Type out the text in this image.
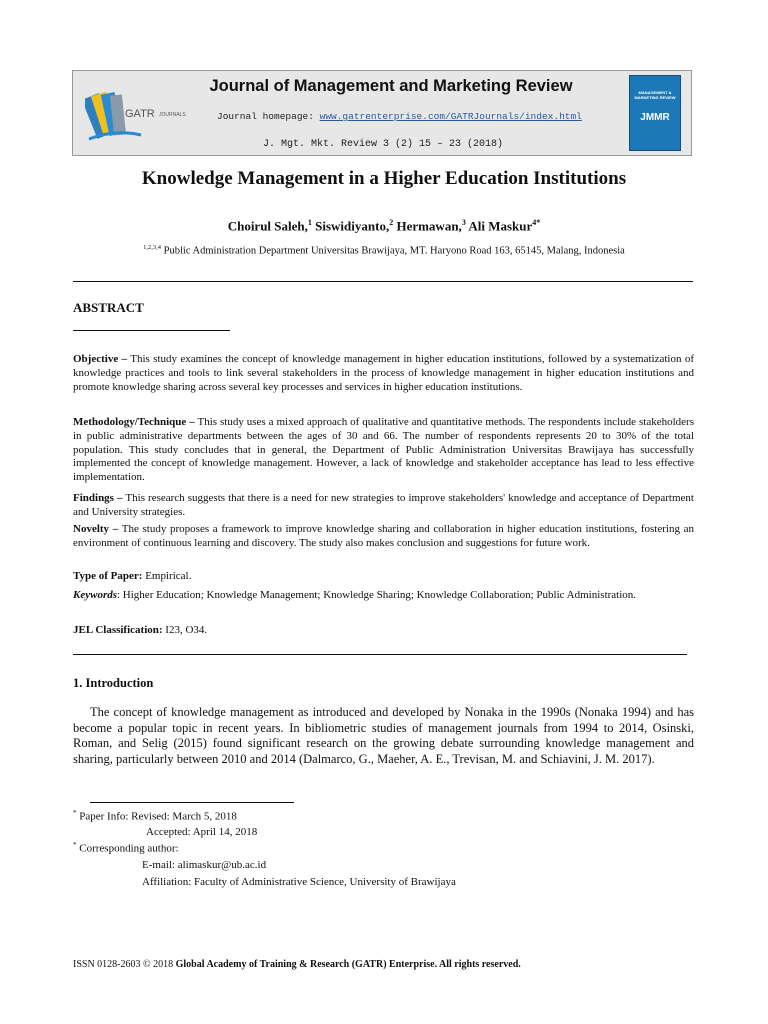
Journal of Management and Marketing Review
GATR JOURNALS	Journal homepage: www.gatrenterprise.com/GATRJournals/index.html
J. Mgt. Mkt. Review 3 (2) 15 – 23 (2018)
MANAGEMENT & MARKETING REVIEW
JMMR
Knowledge Management in a Higher Education Institutions
Choirul Saleh,$^1$ Siswidiyanto,$^2$ Hermawan,$^3$ Ali Maskur$^{4*}$
$^{1,2,3,4}$ Public Administration Department Universitas Brawijaya, MT. Haryono Road 163, 65145, Malang, Indonesia
ABSTRACT

Objective – This study examines the concept of knowledge management in higher education institutions, followed by a systematization of knowledge practices and tools to link several stakeholders in the process of knowledge management in higher education institutions and promote knowledge sharing across several key processes and services in higher education institutions.

Methodology/Technique – This study uses a mixed approach of qualitative and quantitative methods. The respondents include stakeholders in public administrative departments between the ages of 30 and 66. The number of respondents represents 20 to 30% of the total population. This study concludes that in general, the Department of Public Administration Universitas Brawijaya has successfully implemented the concept of knowledge management. However, a lack of knowledge and stakeholder acceptance has lead to less effective implementation.

Findings – This research suggests that there is a need for new strategies to improve stakeholders' knowledge and acceptance of Department and University strategies.

Novelty – The study proposes a framework to improve knowledge sharing and collaboration in higher education institutions, fostering an environment of continuous learning and discovery. The study also makes conclusion and suggestions for future work.

Type of Paper: Empirical.

Keywords: Higher Education; Knowledge Management; Knowledge Sharing; Knowledge Collaboration; Public Administration.

JEL Classification: I23, O34.

1. Introduction

The concept of knowledge management as introduced and developed by Nonaka in the 1990s (Nonaka 1994) and has become a popular topic in recent years. In bibliometric studies of management journals from 1994 to 2014, Osinski, Roman, and Selig (2015) found significant research on the growing debate surrounding knowledge management and sharing, particularly between 2010 and 2014 (Dalmarco, G., Maeher, A. E., Trevisan, M. and Schiavini, J. M. 2017).

* Paper Info: Revised: March 5, 2018
Accepted: April 14, 2018
* Corresponding author:
E-mail: alimaskur@ub.ac.id
Affiliation: Faculty of Administrative Science, University of Brawijaya
ISSN 0128-2603 © 2018 Global Academy of Training & Research (GATR) Enterprise. All rights reserved.
